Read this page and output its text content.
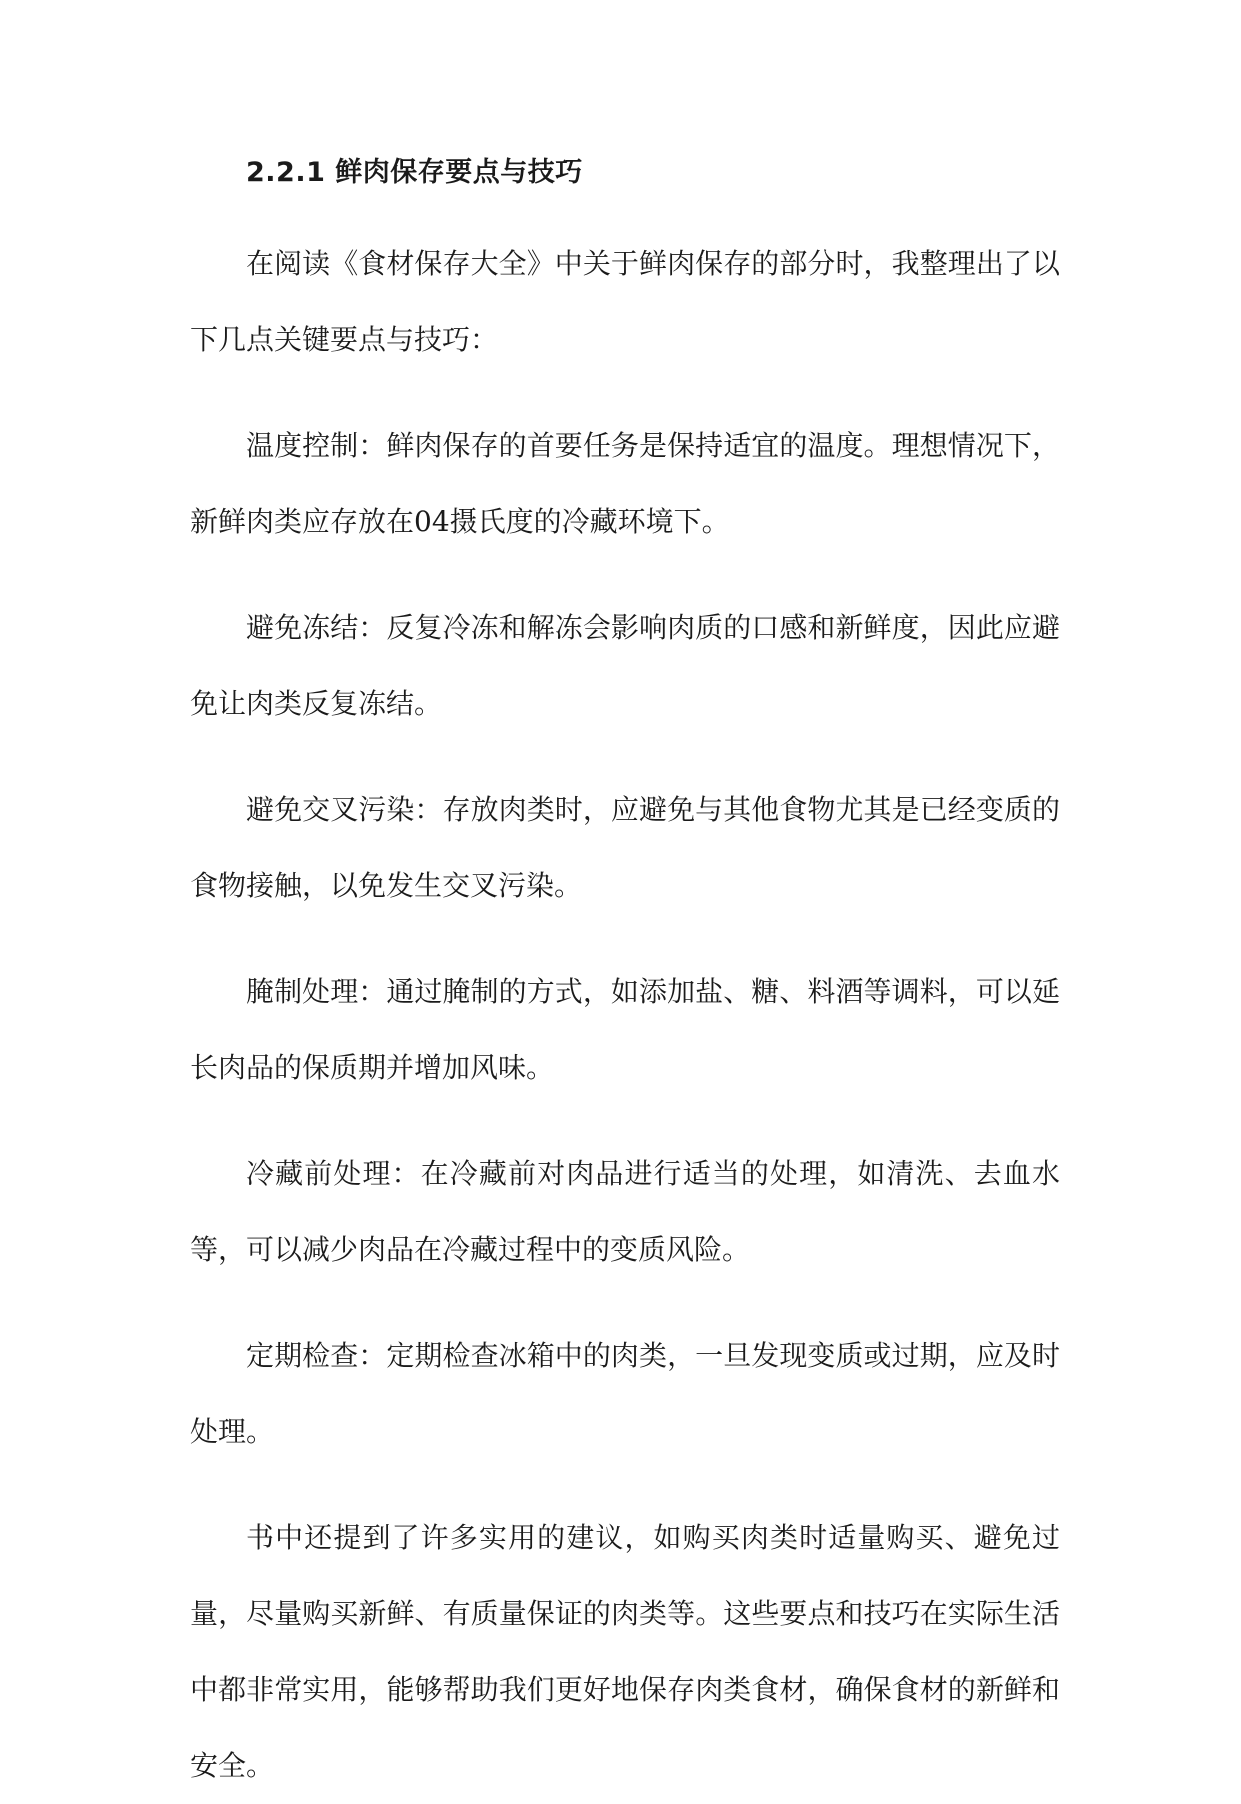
2.2.1 鲜肉保存要点与技巧

在阅读《食材保存大全》中关于鲜肉保存的部分时，我整理出了以下几点关键要点与技巧：

温度控制：鲜肉保存的首要任务是保持适宜的温度。理想情况下，新鲜肉类应存放在04摄氏度的冷藏环境下。

避免冻结：反复冷冻和解冻会影响肉质的口感和新鲜度，因此应避免让肉类反复冻结。

避免交叉污染：存放肉类时，应避免与其他食物尤其是已经变质的食物接触，以免发生交叉污染。

腌制处理：通过腌制的方式，如添加盐、糖、料酒等调料，可以延长肉品的保质期并增加风味。

冷藏前处理：在冷藏前对肉品进行适当的处理，如清洗、去血水等，可以减少肉品在冷藏过程中的变质风险。

定期检查：定期检查冰箱中的肉类，一旦发现变质或过期，应及时处理。

书中还提到了许多实用的建议，如购买肉类时适量购买、避免过量，尽量购买新鲜、有质量保证的肉类等。这些要点和技巧在实际生活中都非常实用，能够帮助我们更好地保存肉类食材，确保食材的新鲜和安全。
